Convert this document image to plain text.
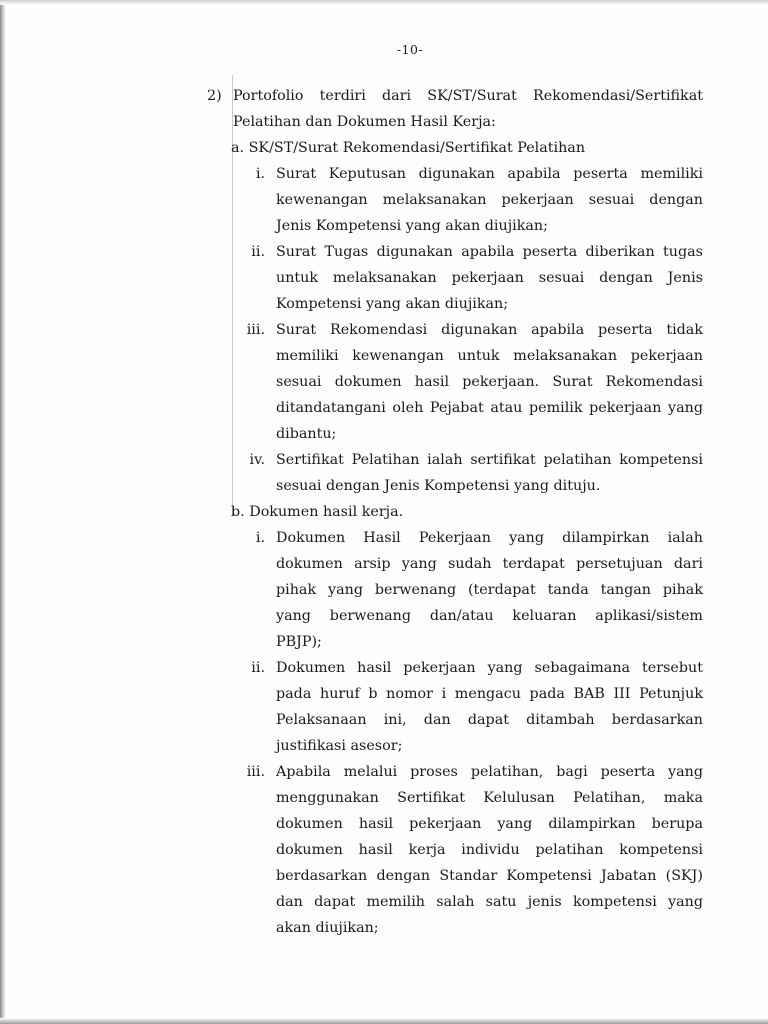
-10-
2) Portofolio terdiri dari SK/ST/Surat Rekomendasi/Sertifikat
Pelatihan dan Dokumen Hasil Kerja:
a. SK/ST/Surat Rekomendasi/Sertifikat Pelatihan
i. Surat Keputusan digunakan apabila peserta memiliki
kewenangan melaksanakan pekerjaan sesuai dengan
Jenis Kompetensi yang akan diujikan;
ii. Surat Tugas digunakan apabila peserta diberikan tugas
untuk melaksanakan pekerjaan sesuai dengan Jenis
Kompetensi yang akan diujikan;
iii. Surat Rekomendasi digunakan apabila peserta tidak
memiliki kewenangan untuk melaksanakan pekerjaan
sesuai dokumen hasil pekerjaan. Surat Rekomendasi
ditandatangani oleh Pejabat atau pemilik pekerjaan yang
dibantu;
iv. Sertifikat Pelatihan ialah sertifikat pelatihan kompetensi
sesuai dengan Jenis Kompetensi yang dituju.
b. Dokumen hasil kerja.
i. Dokumen Hasil Pekerjaan yang dilampirkan ialah
dokumen arsip yang sudah terdapat persetujuan dari
pihak yang berwenang (terdapat tanda tangan pihak
yang berwenang dan/atau keluaran aplikasi/sistem
PBJP);
ii. Dokumen hasil pekerjaan yang sebagaimana tersebut
pada huruf b nomor i mengacu pada BAB III Petunjuk
Pelaksanaan ini, dan dapat ditambah berdasarkan
justifikasi asesor;
iii. Apabila melalui proses pelatihan, bagi peserta yang
menggunakan Sertifikat Kelulusan Pelatihan, maka
dokumen hasil pekerjaan yang dilampirkan berupa
dokumen hasil kerja individu pelatihan kompetensi
berdasarkan dengan Standar Kompetensi Jabatan (SKJ)
dan dapat memilih salah satu jenis kompetensi yang
akan diujikan;
